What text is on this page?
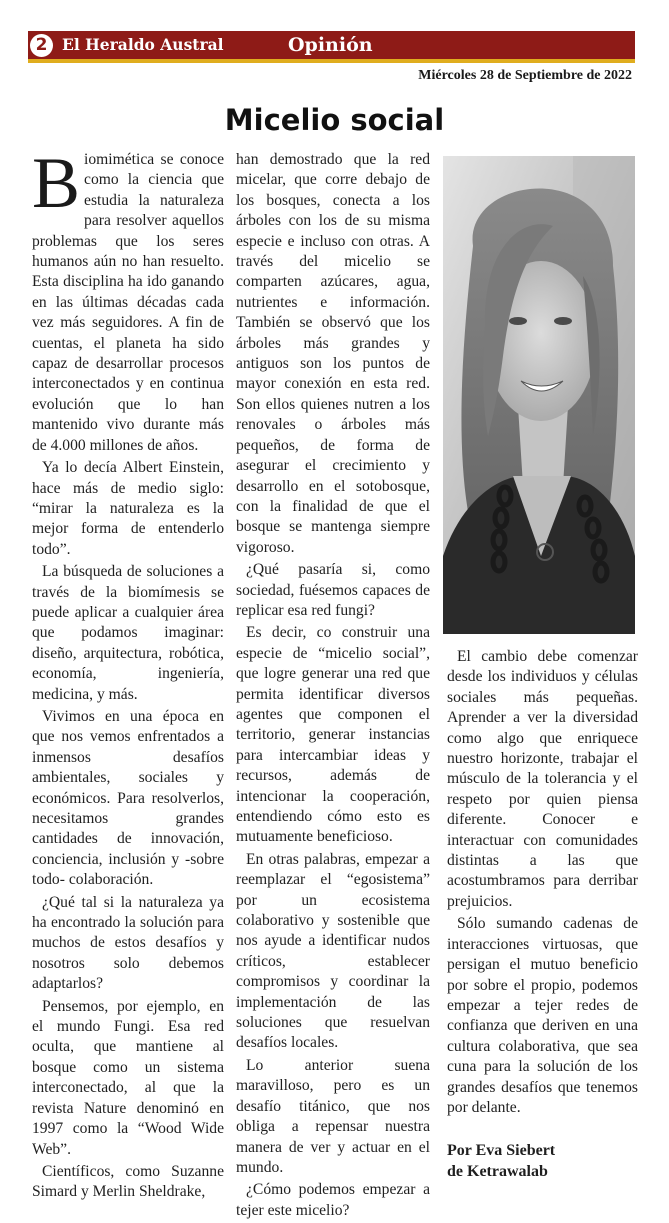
2 El Heraldo Austral	Opinión
Miércoles 28 de Septiembre de 2022
Micelio social

Biomimética se conoce como la ciencia que estudia la naturaleza para resolver aquellos problemas que los seres humanos aún no han resuelto. Esta disciplina ha ido ganando en las últimas décadas cada vez más seguidores. A fin de cuentas, el planeta ha sido capaz de desarrollar procesos interconectados y en continua evolución que lo han mantenido vivo durante más de 4.000 millones de años.

Ya lo decía Albert Einstein, hace más de medio siglo: “mirar la naturaleza es la mejor forma de entenderlo todo”.

La búsqueda de soluciones a través de la biomímesis se puede aplicar a cualquier área que podamos imaginar: diseño, arquitectura, robótica, economía, ingeniería, medicina, y más.

Vivimos en una época en que nos vemos enfrentados a inmensos desafíos ambientales, sociales y económicos. Para resolverlos, necesitamos grandes cantidades de innovación, conciencia, inclusión y -sobre todo- colaboración.

¿Qué tal si la naturaleza ya ha encontrado la solución para muchos de estos desafíos y nosotros solo debemos adaptarlos?

Pensemos, por ejemplo, en el mundo Fungi. Esa red oculta, que mantiene al bosque como un sistema interconectado, al que la revista Nature denominó en 1997 como la “Wood Wide Web”.

Científicos, como Suzanne Simard y Merlin Sheldrake,

han demostrado que la red micelar, que corre debajo de los bosques, conecta a los árboles con los de su misma especie e incluso con otras. A través del micelio se comparten azúcares, agua, nutrientes e información. También se observó que los árboles más grandes y antiguos son los puntos de mayor conexión en esta red. Son ellos quienes nutren a los renovales o árboles más pequeños, de forma de asegurar el crecimiento y desarrollo en el sotobosque, con la finalidad de que el bosque se mantenga siempre vigoroso.

¿Qué pasaría si, como sociedad, fuésemos capaces de replicar esa red fungi?

Es decir, co construir una especie de “micelio social”, que logre generar una red que permita identificar diversos agentes que componen el territorio, generar instancias para intercambiar ideas y recursos, además de intencionar la cooperación, entendiendo cómo esto es mutuamente beneficioso.

En otras palabras, empezar a reemplazar el “egosistema” por un ecosistema colaborativo y sostenible que nos ayude a identificar nudos críticos, establecer compromisos y coordinar la implementación de las soluciones que resuelvan desafíos locales.

Lo anterior suena maravilloso, pero es un desafío titánico, que nos obliga a repensar nuestra manera de ver y actuar en el mundo.

¿Cómo podemos empezar a tejer este micelio?

El cambio debe comenzar desde los individuos y células sociales más pequeñas. Aprender a ver la diversidad como algo que enriquece nuestro horizonte, trabajar el músculo de la tolerancia y el respeto por quien piensa diferente. Conocer e interactuar con comunidades distintas a las que acostumbramos para derribar prejuicios.

Sólo sumando cadenas de interacciones virtuosas, que persigan el mutuo beneficio por sobre el propio, podemos empezar a tejer redes de confianza que deriven en una cultura colaborativa, que sea cuna para la solución de los grandes desafíos que tenemos por delante.

Por Eva Siebert
de Ketrawalab
